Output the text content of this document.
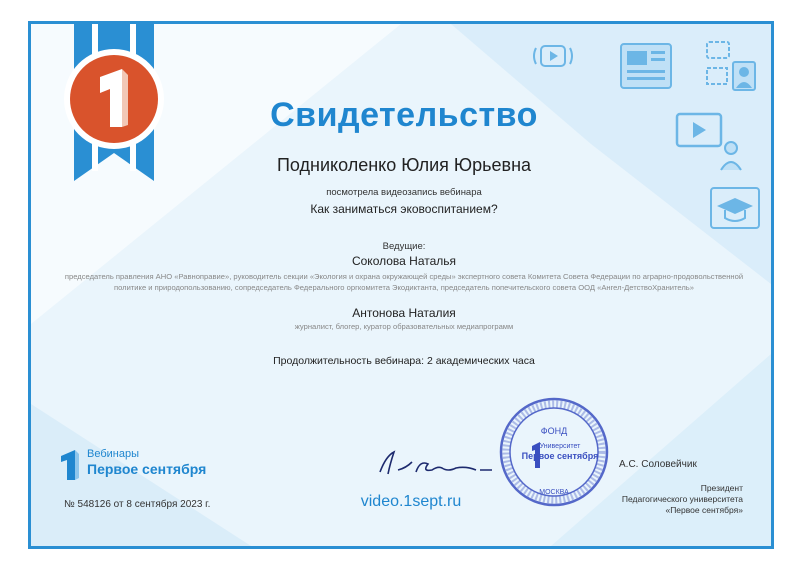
Свидетельство
Подниколенко Юлия Юрьевна
посмотрела видеозапись вебинара
Как заниматься эковоспитанием?
Ведущие:
Соколова Наталья
председатель правления АНО «Равноправие», руководитель секции «Экология и охрана окружающей среды» экспертного совета Комитета Совета Федерации по аграрно-продовольственной политике и природопользованию, сопредседатель Федерального оргкомитета Экодиктанта, председатель попечительского совета ООД «Ангел-ДетствоХранитель»
Антонова Наталия
журналист, блогер, куратор образовательных медиапрограмм
Продолжительность вебинара: 2 академических часа
Вебинары
Первое сентября
№ 548126 от 8 сентября 2023 г.	video.1sept.ru
ФОНД
Университет
Первое сентября
МОСКВА
А.С. Соловейчик
Президент
Педагогического университета
«Первое сентября»
